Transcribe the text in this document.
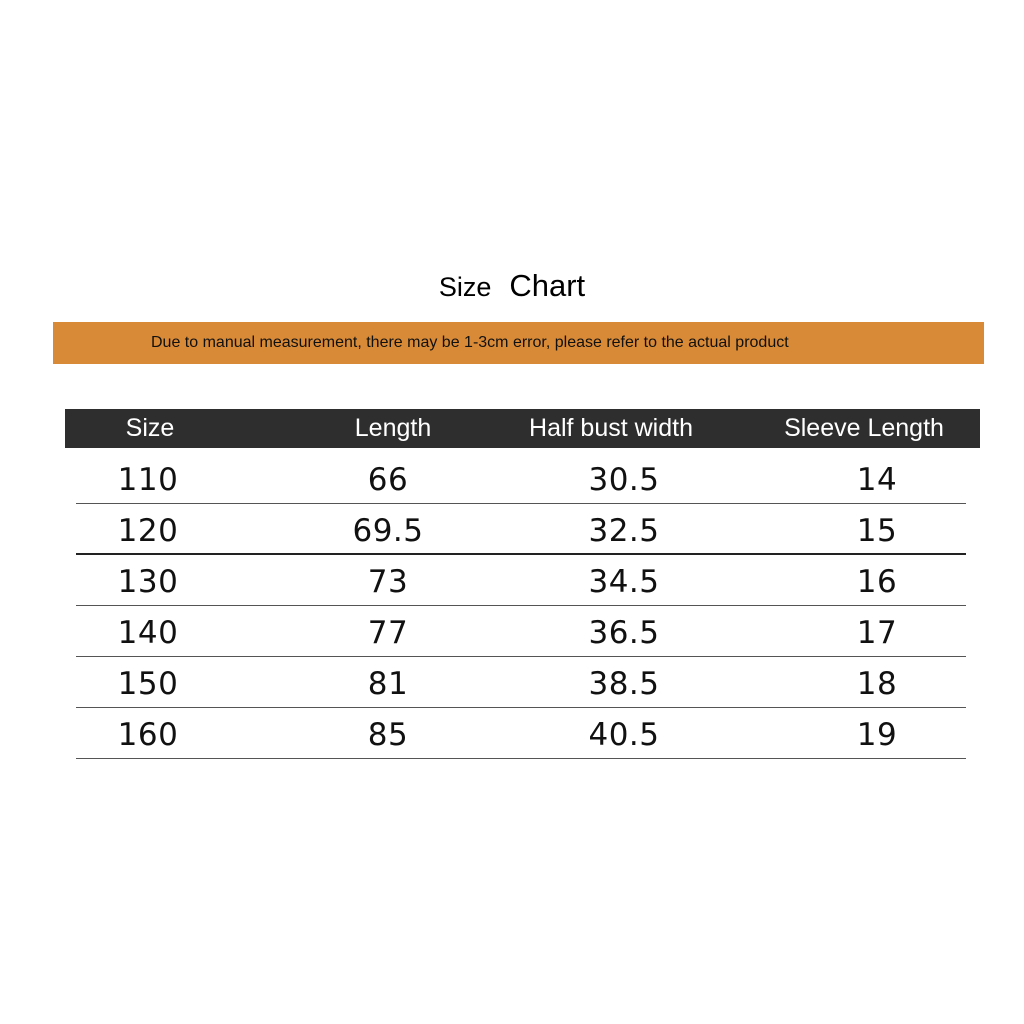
Size Chart
Due to manual measurement, there may be 1-3cm error, please refer to the actual product
Size	Length	Half bust width	Sleeve Length
110	66	30.5	14
120	69.5	32.5	15
130	73	34.5	16
140	77	36.5	17
150	81	38.5	18
160	85	40.5	19
